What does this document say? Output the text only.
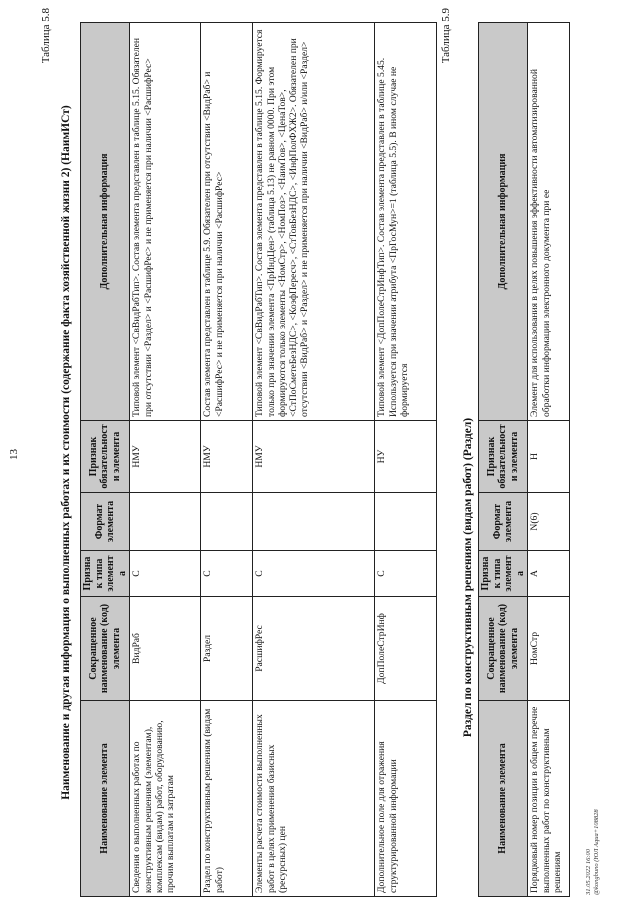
13
Таблица 5.8
Наименование и другая информация о выполненных работах и их стоимости (содержание факта хозяйственной жизни 2) (НаимИСт)	Наименование элемента	Сокращенное наименование (код) элемента	Признак типа элемента	Формат элемента	Признак обязательности элемента	Дополнительная информация
Сведения о выполненных работах по конструктивным решениям (элементам), комплексам (видам) работ, оборудованию, прочим выплатам и затратам	ВидРаб	С		НМУ	Типовой элемент <СвВидРабТип>. Состав элемента представлен в таблице 5.15. Обязателен при отсутствии <Раздел> и <РасшифРес> и не применяется при наличии <РасшифРес>
Раздел по конструктивным решениям (видам работ)	Раздел	С		НМУ	Состав элемента представлен в таблице 5.9. Обязателен при отсутствии <ВидРаб> и <РасшифРес> и не применяется при наличии <РасшифРес>
Элементы расчета стоимости выполненных работ в целях применения базисных (ресурсных) цен	РасшифРес	С		НМУ	Типовой элемент <СвВидРабТип>. Состав элемента представлен в таблице 5.15. Формируется только при значении элемента <ПрИндЦен> (таблица 5.13) не равном 0000. При этом формируются только элементы <НомСтр>, <НомПоз>, <НаимТов>, <ЦенаТов>, <СтПоСметеБезНДС>, <КоэфПересч>, <СтТовБезНДС>, <ИнфПолФХЖ2>. Обязателен при отсутствии <ВидРаб> и <Раздел> и не применяется при наличии <ВидРаб> и/или <Раздел>
Дополнительное поле для отражения структурированной информации	ДопПолеСтрИнф	С		НУ	Типовой элемент <ДопПолеСтрИнфТип>. Состав элемента представлен в таблице 5.45. Используется при значении атрибута <ПрГосМун>=1 (таблица 5.5). В ином случае не формируется
Таблица 5.9
Раздел по конструктивным решениям (видам работ) (Раздел)
Наименование элемента	Сокращенное наименование (код) элемента	Признак типа элемента	Формат элемента	Признак обязательности элемента	Дополнительная информация
Порядковый номер позиции в общем перечне выполненных работ по конструктивным решениям	НомСтр	А	N(6)	Н	Элемент для использования в целях повышения эффективности автоматизированной обработки информации электронного документа при ее
31.05.2022 16:00 @kongbuno (ЮЛ Aqua+108828
